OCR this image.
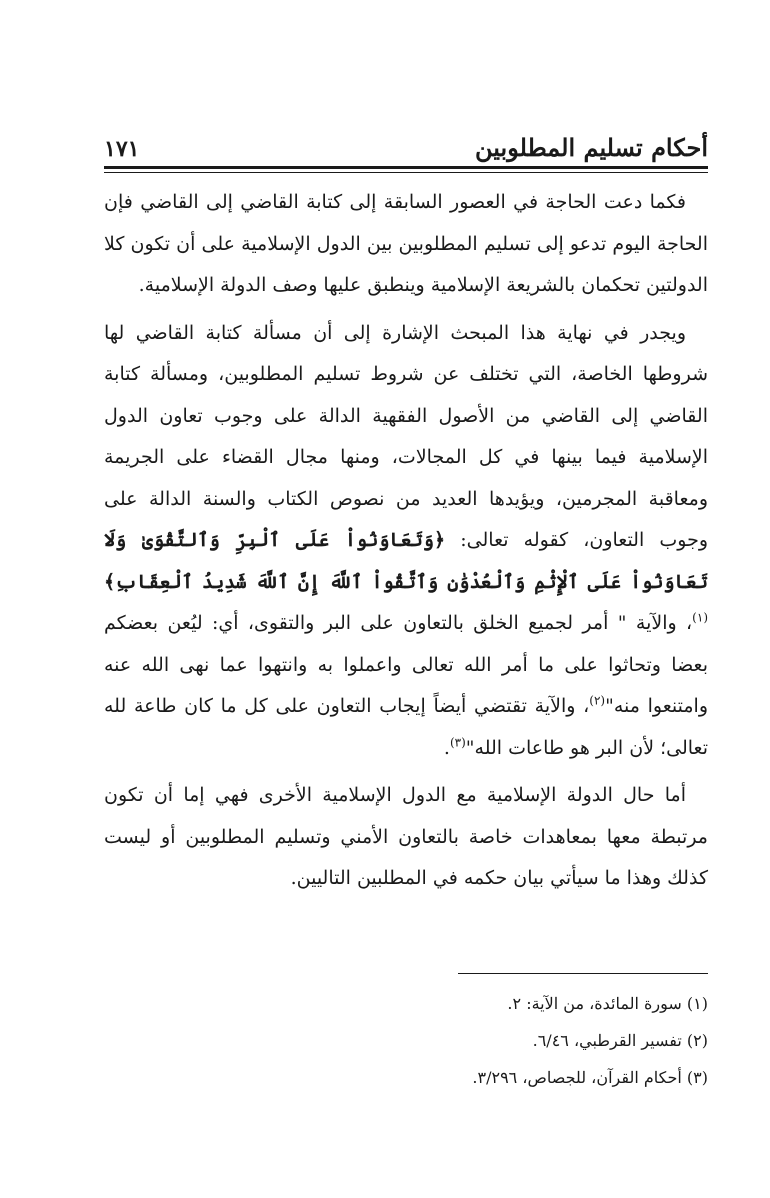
أحكام تسليم المطلوبين
١٧١

فكما دعت الحاجة في العصور السابقة إلى كتابة القاضي إلى القاضي فإن الحاجة اليوم تدعو إلى تسليم المطلوبين بين الدول الإسلامية على أن تكون كلا الدولتين تحكمان بالشريعة الإسلامية وينطبق عليها وصف الدولة الإسلامية.

ويجدر في نهاية هذا المبحث الإشارة إلى أن مسألة كتابة القاضي لها شروطها الخاصة، التي تختلف عن شروط تسليم المطلوبين، ومسألة كتابة القاضي إلى القاضي من الأصول الفقهية الدالة على وجوب تعاون الدول الإسلامية فيما بينها في كل المجالات، ومنها مجال القضاء على الجريمة ومعاقبة المجرمين، ويؤيدها العديد من نصوص الكتاب والسنة الدالة على وجوب التعاون، كقوله تعالى: ﴿وَتَعَاوَنُواْ عَلَى ٱلْبِرِّ وَٱلتَّقْوَىٰ وَلَا تَعَاوَنُواْ عَلَى ٱلْإِثْمِ وَٱلْعُدْوَٰنِ وَٱتَّقُواْ ٱللَّهَ إِنَّ ٱللَّهَ شَدِيدُ ٱلْعِقَابِ﴾$^{(١)}$، والآية " أمر لجميع الخلق بالتعاون على البر والتقوى، أي: ليُعن بعضكم بعضا وتحاثوا على ما أمر الله تعالى واعملوا به وانتهوا عما نهى الله عنه وامتنعوا منه"$^{(٢)}$، والآية تقتضي أيضاً إيجاب التعاون على كل ما كان طاعة لله تعالى؛ لأن البر هو طاعات الله"$^{(٣)}$.

أما حال الدولة الإسلامية مع الدول الإسلامية الأخرى فهي إما أن تكون مرتبطة معها بمعاهدات خاصة بالتعاون الأمني وتسليم المطلوبين أو ليست كذلك وهذا ما سيأتي بيان حكمه في المطلبين التاليين.

(١) سورة المائدة، من الآية: ٢.

(٢) تفسير القرطبي، ٦/٤٦.

(٣) أحكام القرآن، للجصاص، ٣/٢٩٦.
